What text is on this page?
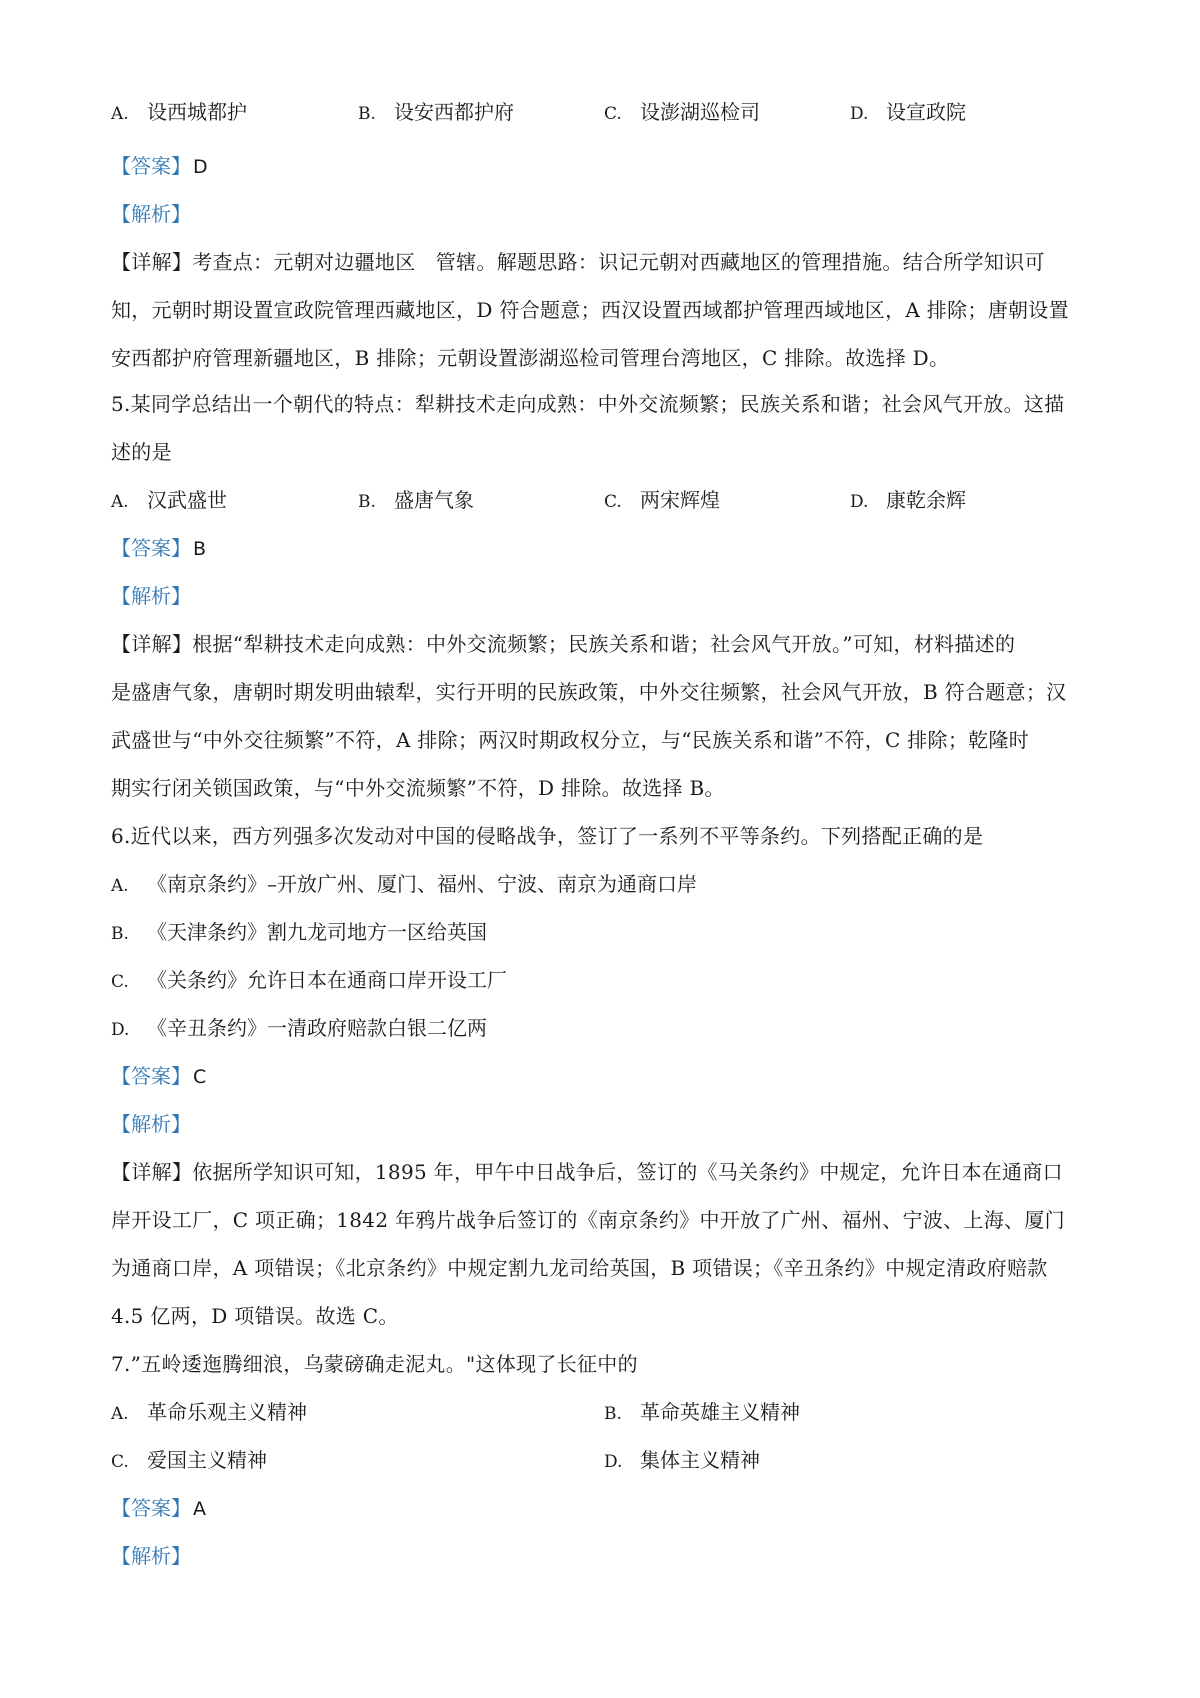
A. 设西城都护	B. 设安西都护府	C. 设澎湖巡检司	D. 设宣政院
【答案】 D
【解析】
【详解】考查点：元朝对边疆地区　管辖。解题思路：识记元朝对西藏地区的管理措施。结合所学知识可
知，元朝时期设置宣政院管理西藏地区，D 符合题意；西汉设置西域都护管理西域地区，A 排除；唐朝设置
安西都护府管理新疆地区，B 排除；元朝设置澎湖巡检司管理台湾地区，C 排除。故选择 D。
5.某同学总结出一个朝代的特点：犁耕技术走向成熟：中外交流频繁；民族关系和谐；社会风气开放。这描
述的是
A. 汉武盛世	B. 盛唐气象	C. 两宋辉煌	D. 康乾余辉
【答案】 B
【解析】
【详解】根据“犁耕技术走向成熟：中外交流频繁；民族关系和谐；社会风气开放。”可知，材料描述的
是盛唐气象，唐朝时期发明曲辕犁，实行开明的民族政策，中外交往频繁，社会风气开放，B 符合题意；汉
武盛世与“中外交往频繁”不符，A 排除；两汉时期政权分立，与“民族关系和谐”不符，C 排除；乾隆时
期实行闭关锁国政策，与“中外交流频繁”不符，D 排除。故选择 B。
6.近代以来，西方列强多次发动对中国的侵略战争，签订了一系列不平等条约。下列搭配正确的是
A. 《南京条约》–开放广州、厦门、福州、宁波、南京为通商口岸
B. 《天津条约》割九龙司地方一区给英国
C. 《关条约》允许日本在通商口岸开设工厂
D. 《辛丑条约》一清政府赔款白银二亿两
【答案】 C
【解析】
【详解】依据所学知识可知，1895 年，甲午中日战争后，签订的《马关条约》中规定，允许日本在通商口
岸开设工厂，C 项正确；1842 年鸦片战争后签订的《南京条约》中开放了广州、福州、宁波、上海、厦门
为通商口岸，A 项错误；《北京条约》中规定割九龙司给英国，B 项错误；《辛丑条约》中规定清政府赔款
4.5 亿两，D 项错误。故选 C。
7.”五岭逶迤腾细浪，乌蒙磅确走泥丸。"这体现了长征中的
A. 革命乐观主义精神	B. 革命英雄主义精神
C. 爱国主义精神	D. 集体主义精神
【答案】 A
【解析】
